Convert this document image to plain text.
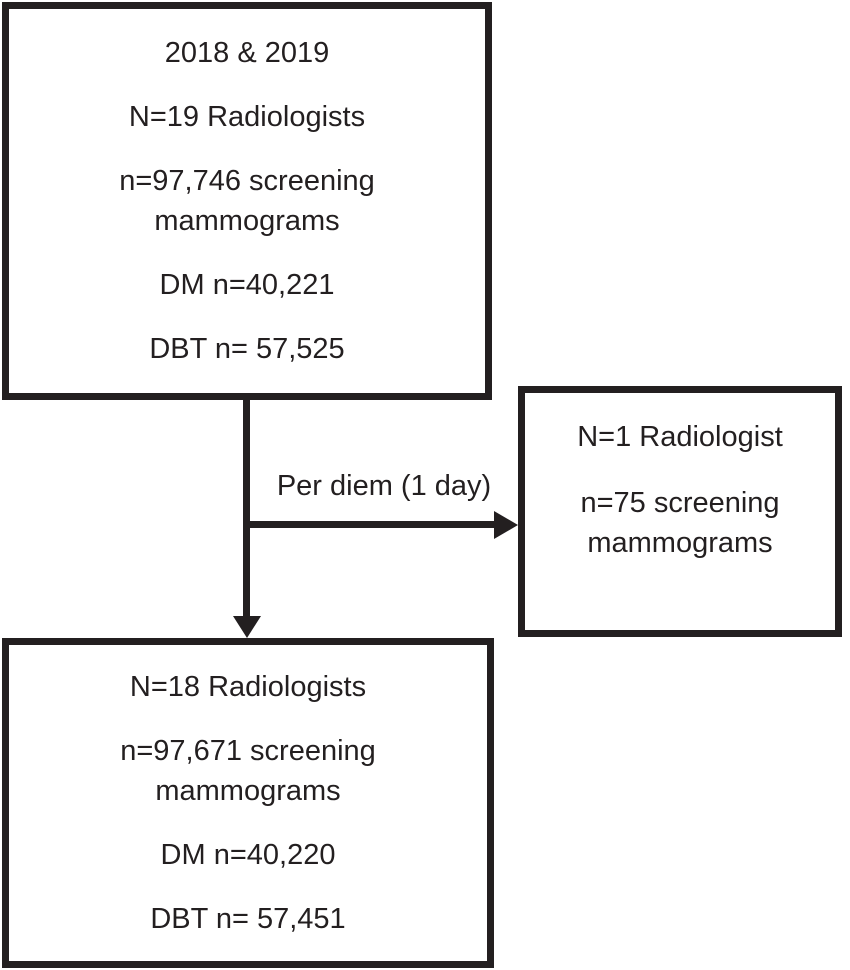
2018 & 2019

N=19 Radiologists

n=97,746 screening mammograms

DM n=40,221

DBT n= 57,525

Per diem (1 day)

N=1 Radiologist

n=75 screening mammograms

N=18 Radiologists

n=97,671 screening mammograms

DM n=40,220

DBT n= 57,451
